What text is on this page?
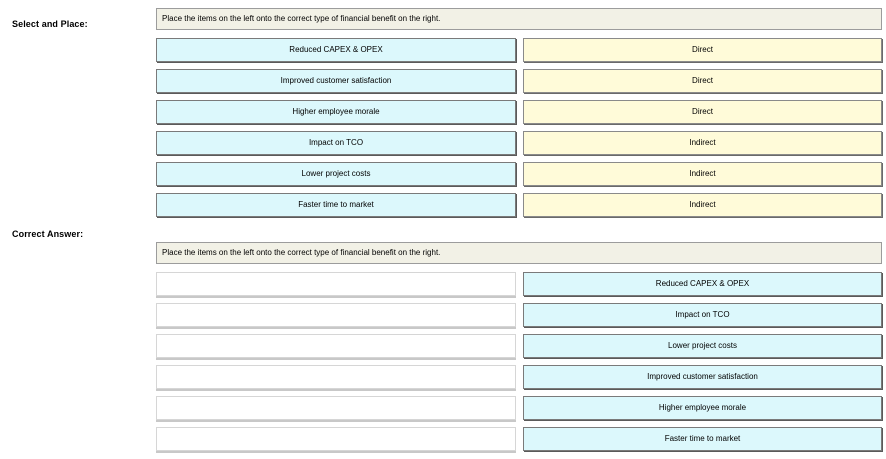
Select and Place:
Place the items on the left onto the correct type of financial benefit on the right.
Reduced CAPEX & OPEX	Direct
Improved customer satisfaction	Direct
Higher employee morale	Direct
Impact on TCO	Indirect
Lower project costs	Indirect
Faster time to market	Indirect
Correct Answer:
Place the items on the left onto the correct type of financial benefit on the right.
Reduced CAPEX & OPEX
Impact on TCO
Lower project costs
Improved customer satisfaction
Higher employee morale
Faster time to market
